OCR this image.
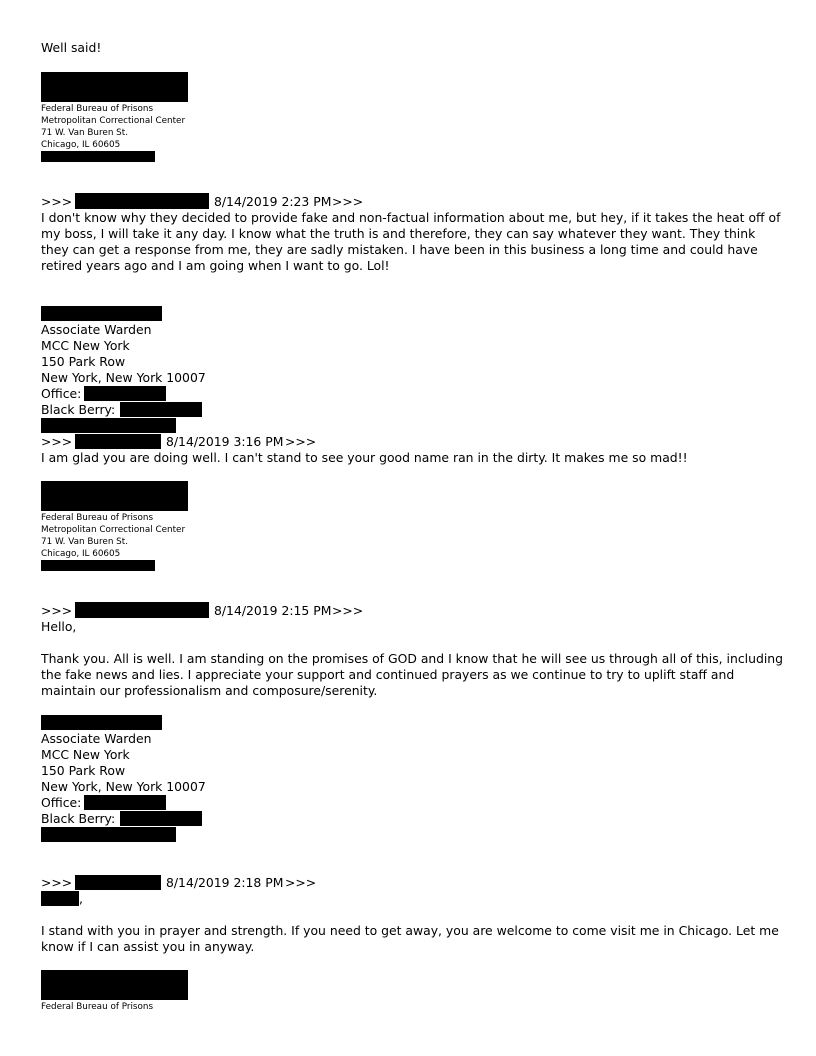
Well said!
Federal Bureau of Prisons
Metropolitan Correctional Center
71 W. Van Buren St.
Chicago, IL 60605
>>>	8/14/2019 2:23 PM >>>
I don't know why they decided to provide fake and non-factual information about me, but hey, if it takes the heat off of my boss, I will take it any day. I know what the truth is and therefore, they can say whatever they want. They think they can get a response from me, they are sadly mistaken. I have been in this business a long time and could have retired years ago and I am going when I want to go. Lol!
Associate Warden
MCC New York
150 Park Row
New York, New York 10007
Office:
Black Berry:
>>>	8/14/2019 3:16 PM >>>
I am glad you are doing well. I can't stand to see your good name ran in the dirty. It makes me so mad!!
Federal Bureau of Prisons
Metropolitan Correctional Center
71 W. Van Buren St.
Chicago, IL 60605
>>>	8/14/2019 2:15 PM >>>
Hello,
Thank you. All is well. I am standing on the promises of GOD and I know that he will see us through all of this, including the fake news and lies. I appreciate your support and continued prayers as we continue to try to uplift staff and maintain our professionalism and composure/serenity.
Associate Warden
MCC New York
150 Park Row
New York, New York 10007
Office:
Black Berry:
>>>	8/14/2019 2:18 PM >>>
,
I stand with you in prayer and strength. If you need to get away, you are welcome to come visit me in Chicago. Let me know if I can assist you in anyway.
Federal Bureau of Prisons
